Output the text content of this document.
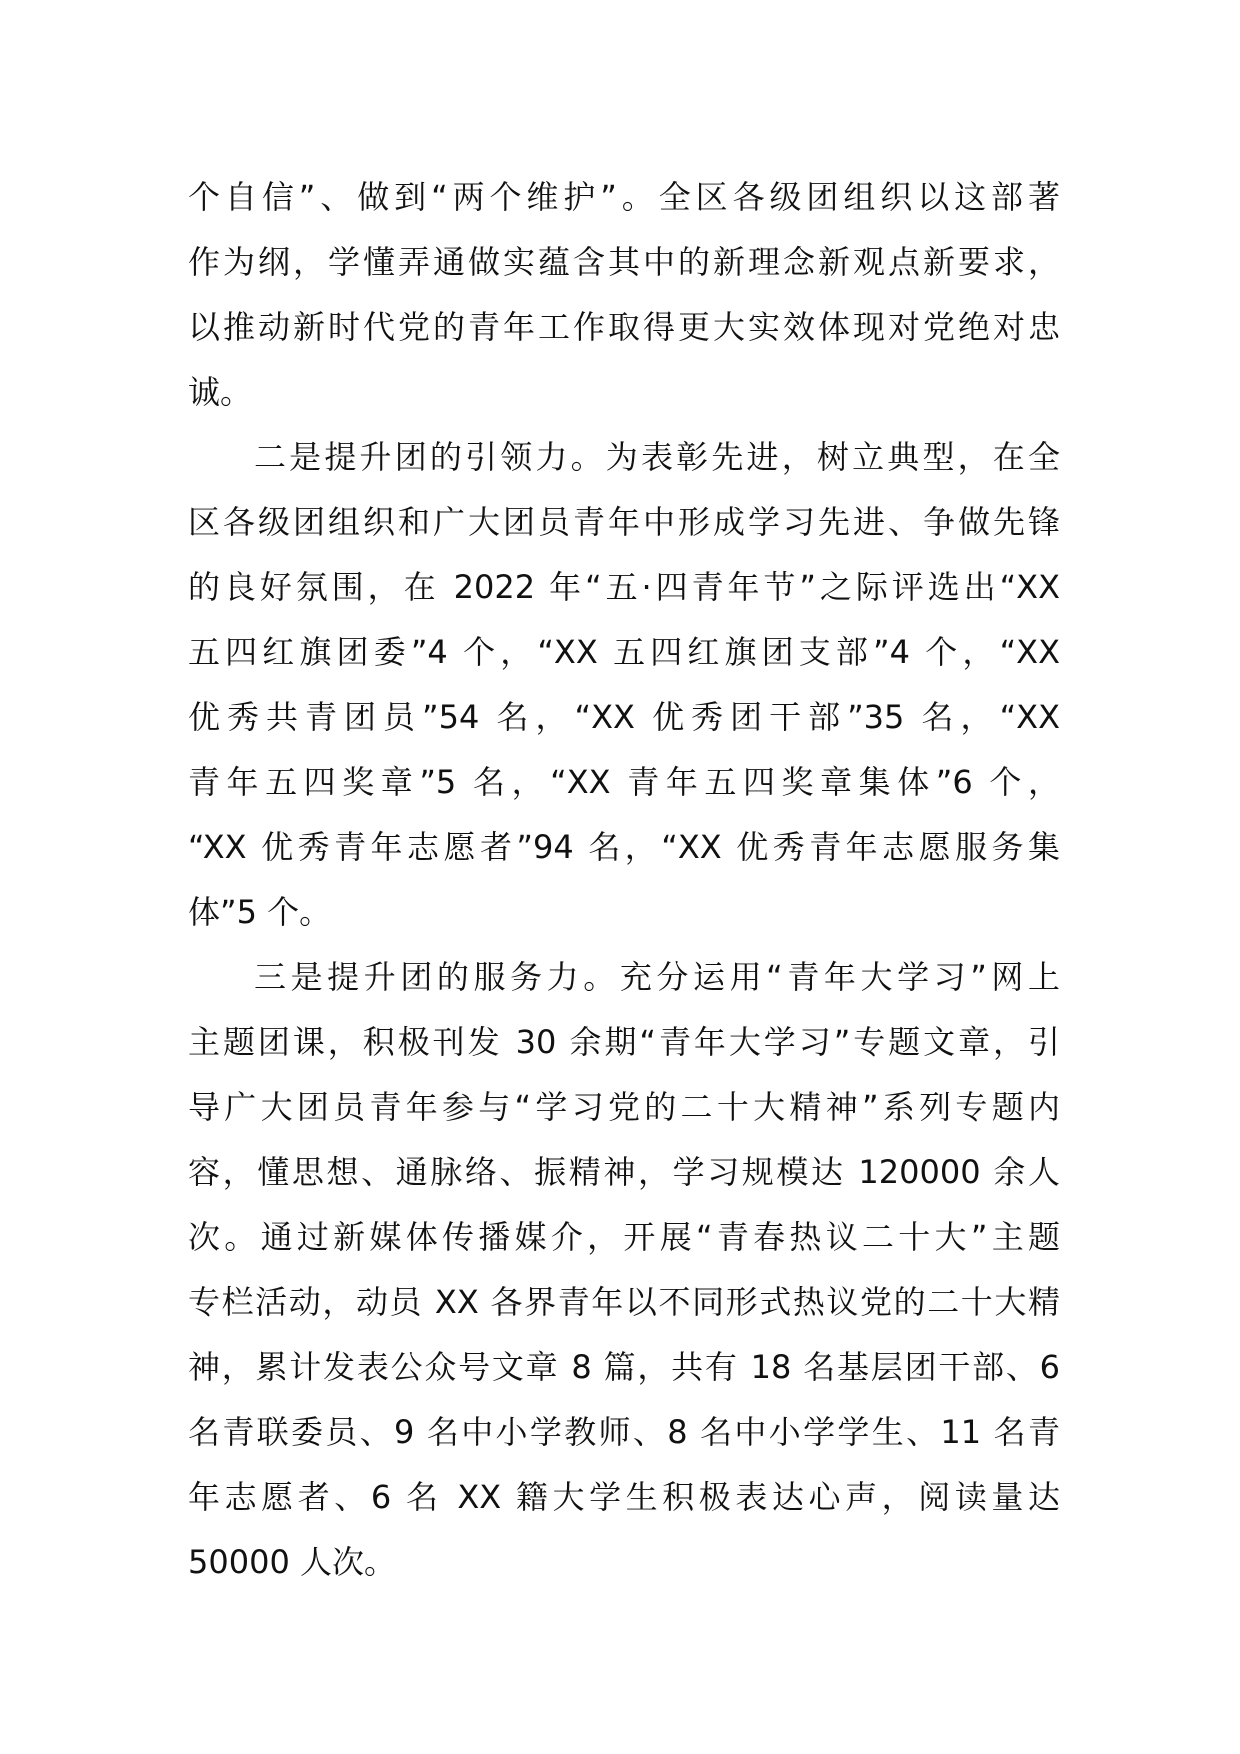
个自信”、做到“两个维护”。全区各级团组织以这部著
作为纲，学懂弄通做实蕴含其中的新理念新观点新要求，
以推动新时代党的青年工作取得更大实效体现对党绝对忠
诚。
二是提升团的引领力。为表彰先进，树立典型，在全
区各级团组织和广大团员青年中形成学习先进、争做先锋
的良好氛围，在 2022 年“五·四青年节”之际评选出“XX
五四红旗团委”4 个，“XX 五四红旗团支部”4 个，“XX
优秀共青团员”54 名，“XX 优秀团干部”35 名，“XX
青年五四奖章”5 名，“XX 青年五四奖章集体”6 个，
“XX 优秀青年志愿者”94 名，“XX 优秀青年志愿服务集
体”5 个。
三是提升团的服务力。充分运用“青年大学习”网上
主题团课，积极刊发 30 余期“青年大学习”专题文章，引
导广大团员青年参与“学习党的二十大精神”系列专题内
容，懂思想、通脉络、振精神，学习规模达 120000 余人
次。通过新媒体传播媒介，开展“青春热议二十大”主题
专栏活动，动员 XX 各界青年以不同形式热议党的二十大精
神，累计发表公众号文章 8 篇，共有 18 名基层团干部、6
名青联委员、9 名中小学教师、8 名中小学学生、11 名青
年志愿者、6 名 XX 籍大学生积极表达心声，阅读量达
50000 人次。
